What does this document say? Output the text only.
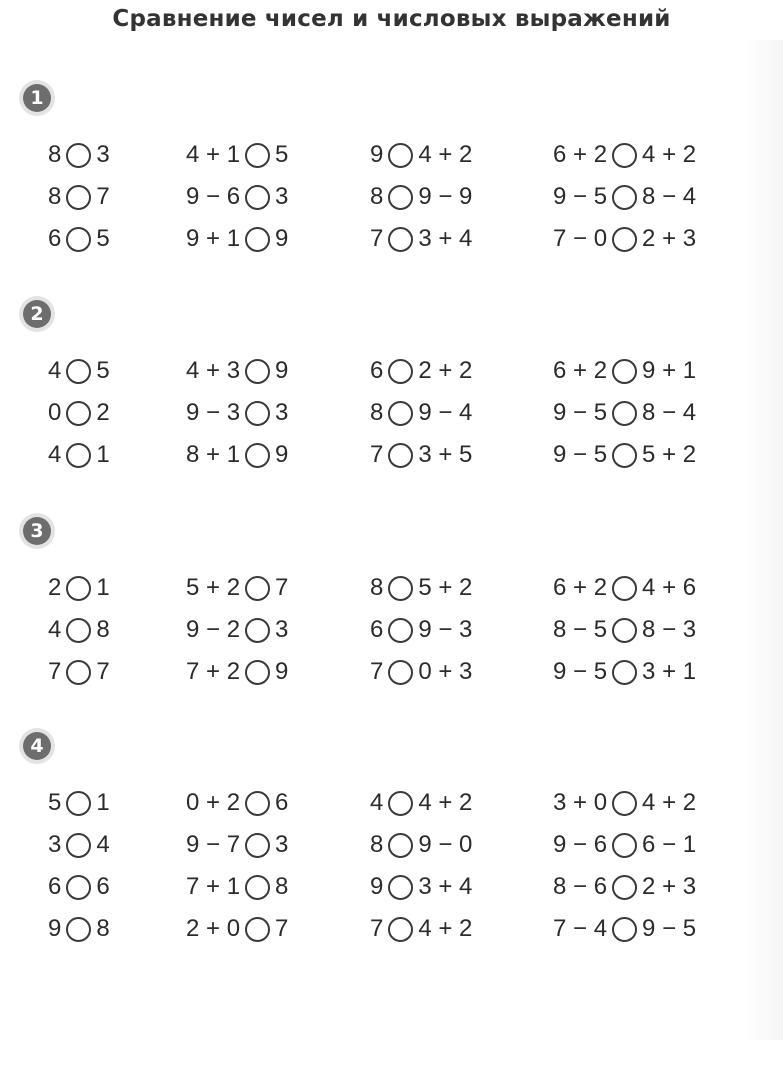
Сравнение чисел и числовых выражений
1
8 3	4 + 1 5	9 4 + 2	6 + 2 4 + 2
8 7	9 − 6 3	8 9 − 9	9 − 5 8 − 4
6 5	9 + 1 9	7 3 + 4	7 − 0 2 + 3
2
4 5	4 + 3 9	6 2 + 2	6 + 2 9 + 1
0 2	9 − 3 3	8 9 − 4	9 − 5 8 − 4
4 1	8 + 1 9	7 3 + 5	9 − 5 5 + 2
3
2 1	5 + 2 7	8 5 + 2	6 + 2 4 + 6
4 8	9 − 2 3	6 9 − 3	8 − 5 8 − 3
7 7	7 + 2 9	7 0 + 3	9 − 5 3 + 1
4
5 1	0 + 2 6	4 4 + 2	3 + 0 4 + 2
3 4	9 − 7 3	8 9 − 0	9 − 6 6 − 1
6 6	7 + 1 8	9 3 + 4	8 − 6 2 + 3
9 8	2 + 0 7	7 4 + 2	7 − 4 9 − 5
